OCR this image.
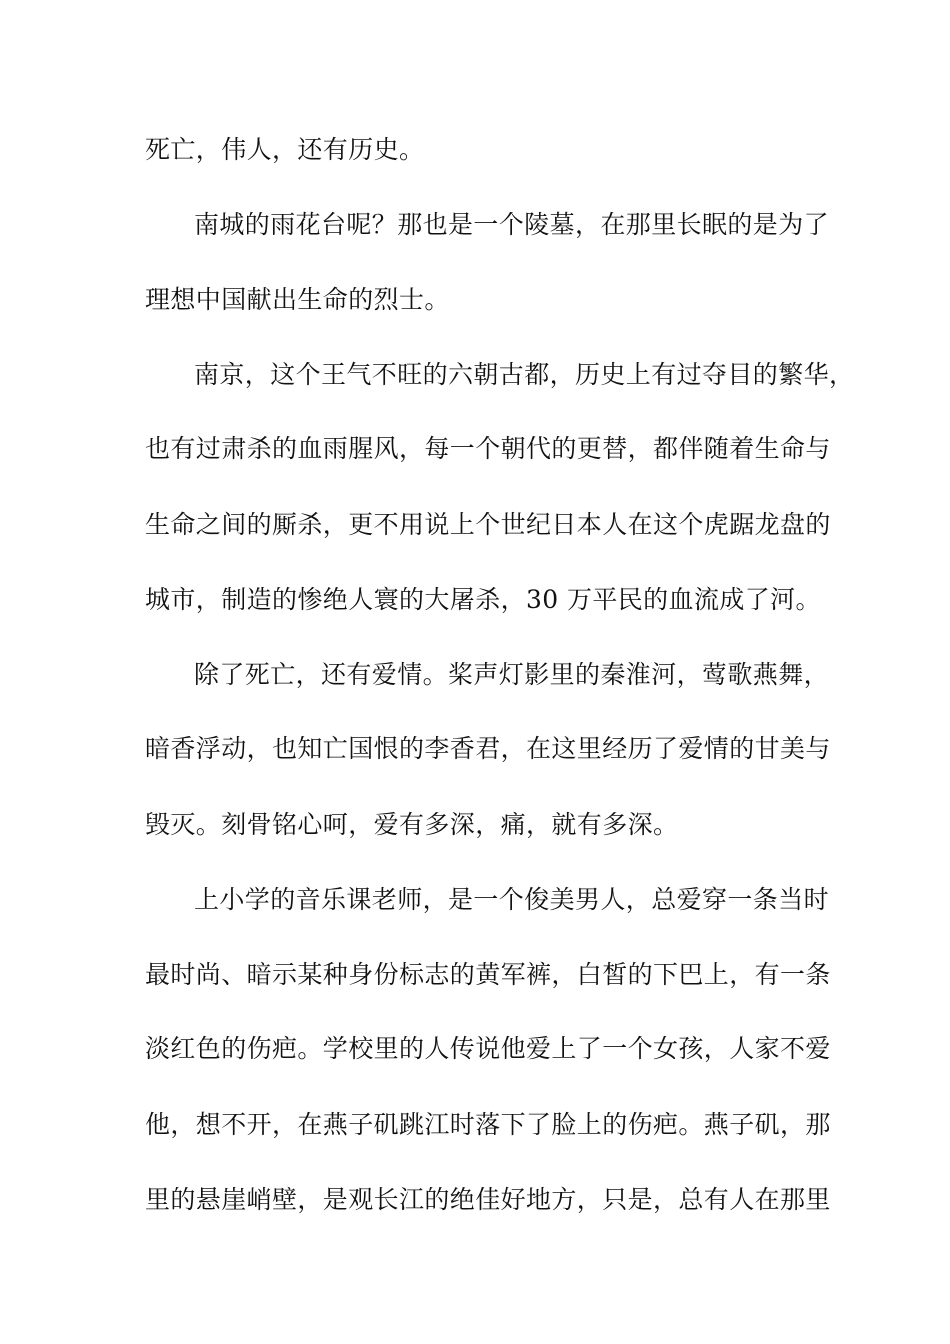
死亡，伟人，还有历史。
南城的雨花台呢？那也是一个陵墓，在那里长眠的是为了
理想中国献出生命的烈士。
南京，这个王气不旺的六朝古都，历史上有过夺目的繁华，
也有过肃杀的血雨腥风，每一个朝代的更替，都伴随着生命与
生命之间的厮杀，更不用说上个世纪日本人在这个虎踞龙盘的
城市，制造的惨绝人寰的大屠杀，30 万平民的血流成了河。
除了死亡，还有爱情。桨声灯影里的秦淮河，莺歌燕舞，
暗香浮动，也知亡国恨的李香君，在这里经历了爱情的甘美与
毁灭。刻骨铭心呵，爱有多深，痛，就有多深。
上小学的音乐课老师，是一个俊美男人，总爱穿一条当时
最时尚、暗示某种身份标志的黄军裤，白皙的下巴上，有一条
淡红色的伤疤。学校里的人传说他爱上了一个女孩，人家不爱
他，想不开，在燕子矶跳江时落下了脸上的伤疤。燕子矶，那
里的悬崖峭壁，是观长江的绝佳好地方，只是，总有人在那里
